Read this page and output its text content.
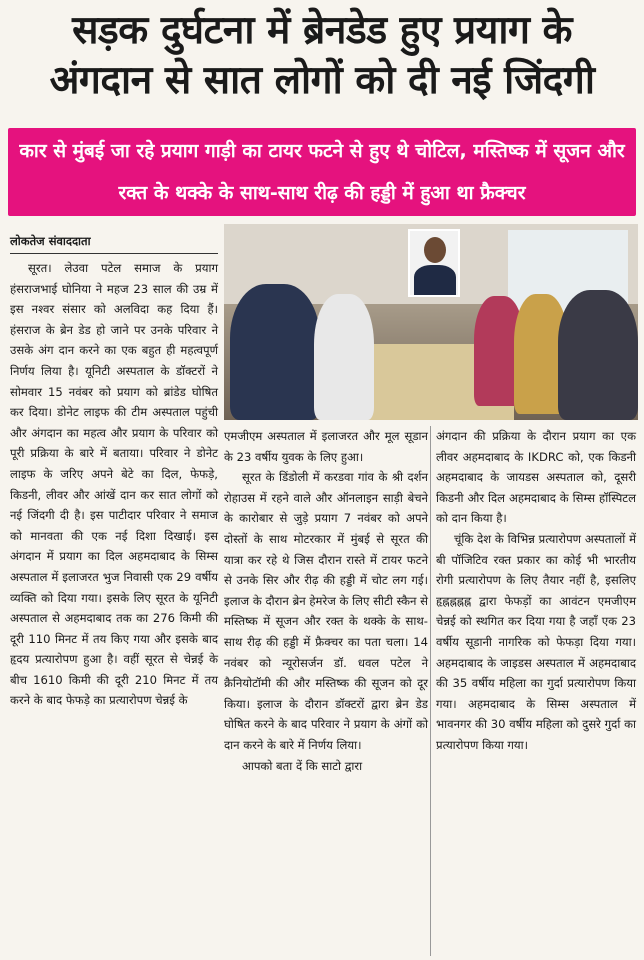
सड़क दुर्घटना में ब्रेनडेड हुए प्रयाग के
अंगदान से सात लोगों को दी नई जिंदगी
कार से मुंबई जा रहे प्रयाग गाड़ी का टायर फटने से हुए थे चोटिल, मस्तिष्क में सूजन और रक्त के थक्के के साथ-साथ रीढ़ की हड्डी में हुआ था फ्रैक्चर
लोकतेज संवाददाता
सूरत। लेउवा पटेल समाज के प्रयाग हंसराजभाई घोनिया ने महज 23 साल की उम्र में इस नश्वर संसार को अलविदा कह दिया हैं। हंसराज के ब्रेन डेड हो जाने पर उनके परिवार ने उसके अंग दान करने का एक बहुत ही महत्वपूर्ण निर्णय लिया है। यूनिटी अस्पताल के डॉक्टरों ने सोमवार 15 नवंबर को प्रयाग को ब्रांडेड घोषित कर दिया। डोनेट लाइफ की टीम अस्पताल पहुंची और अंगदान का महत्व और प्रयाग के परिवार को पूरी प्रक्रिया के बारे में बताया। परिवार ने डोनेट लाइफ के जरिए अपने बेटे का दिल, फेफड़े, किडनी, लीवर और आंखें दान कर सात लोगों को नई जिंदगी दी है। इस पाटीदार परिवार ने समाज को मानवता की एक नई दिशा दिखाई। इस अंगदान में प्रयाग का दिल अहमदाबाद के सिम्स अस्पताल में इलाजरत भुज निवासी एक 29 वर्षीय व्यक्ति को दिया गया। इसके लिए सूरत के यूनिटी अस्पताल से अहमदाबाद तक का 276 किमी की दूरी 110 मिनट में तय किए गया और इसके बाद हृदय प्रत्यारोपण हुआ है। वहीं सूरत से चेन्नई के बीच 1610 किमी की दूरी 210 मिनट में तय करने के बाद फेफड़े का प्रत्यारोपण चेन्नई के

एमजीएम अस्पताल में इलाजरत और मूल सूडान के 23 वर्षीय युवक के लिए हुआ।

सूरत के डिंडोली में करडवा गांव के श्री दर्शन रोहाउस में रहने वाले और ऑनलाइन साड़ी बेचने के कारोबार से जुड़े प्रयाग 7 नवंबर को अपने दोस्तों के साथ मोटरकार में मुंबई से सूरत की यात्रा कर रहे थे जिस दौरान रास्ते में टायर फटने से उनके सिर और रीढ़ की हड्डी में चोट लग गई। इलाज के दौरान ब्रेन हेमरेज के लिए सीटी स्कैन से मस्तिष्क में सूजन और रक्त के थक्के के साथ-साथ रीढ़ की हड्डी में फ्रैक्चर का पता चला। 14 नवंबर को न्यूरोसर्जन डॉ. धवल पटेल ने क्रैनियोटॉमी की और मस्तिष्क की सूजन को दूर किया। इलाज के दौरान डॉक्टरों द्वारा ब्रेन डेड घोषित करने के बाद परिवार ने प्रयाग के अंगों को दान करने के बारे में निर्णय लिया।

आपको बता दें कि साटो द्वारा

अंगदान की प्रक्रिया के दौरान प्रयाग का एक लीवर अहमदाबाद के IKDRC को, एक किडनी अहमदाबाद के जायडस अस्पताल को, दूसरी किडनी और दिल अहमदाबाद के सिम्स हॉस्पिटल को दान किया है।

चूंकि देश के विभिन्न प्रत्यारोपण अस्पतालों में बी पॉजिटिव रक्त प्रकार का कोई भी भारतीय रोगी प्रत्यारोपण के लिए तैयार नहीं है, इसलिए हृह्नह्नह्नह्न द्वारा फेफड़ों का आवंटन एमजीएम चेन्नई को स्थगित कर दिया गया है जहाँ एक 23 वर्षीय सूडानी नागरिक को फेफड़ा दिया गया। अहमदाबाद के जाइडस अस्पताल में अहमदाबाद की 35 वर्षीय महिला का गुर्दा प्रत्यारोपण किया गया। अहमदाबाद के सिम्स अस्पताल में भावनगर की 30 वर्षीय महिला को दुसरे गुर्दा का प्रत्यारोपण किया गया।
